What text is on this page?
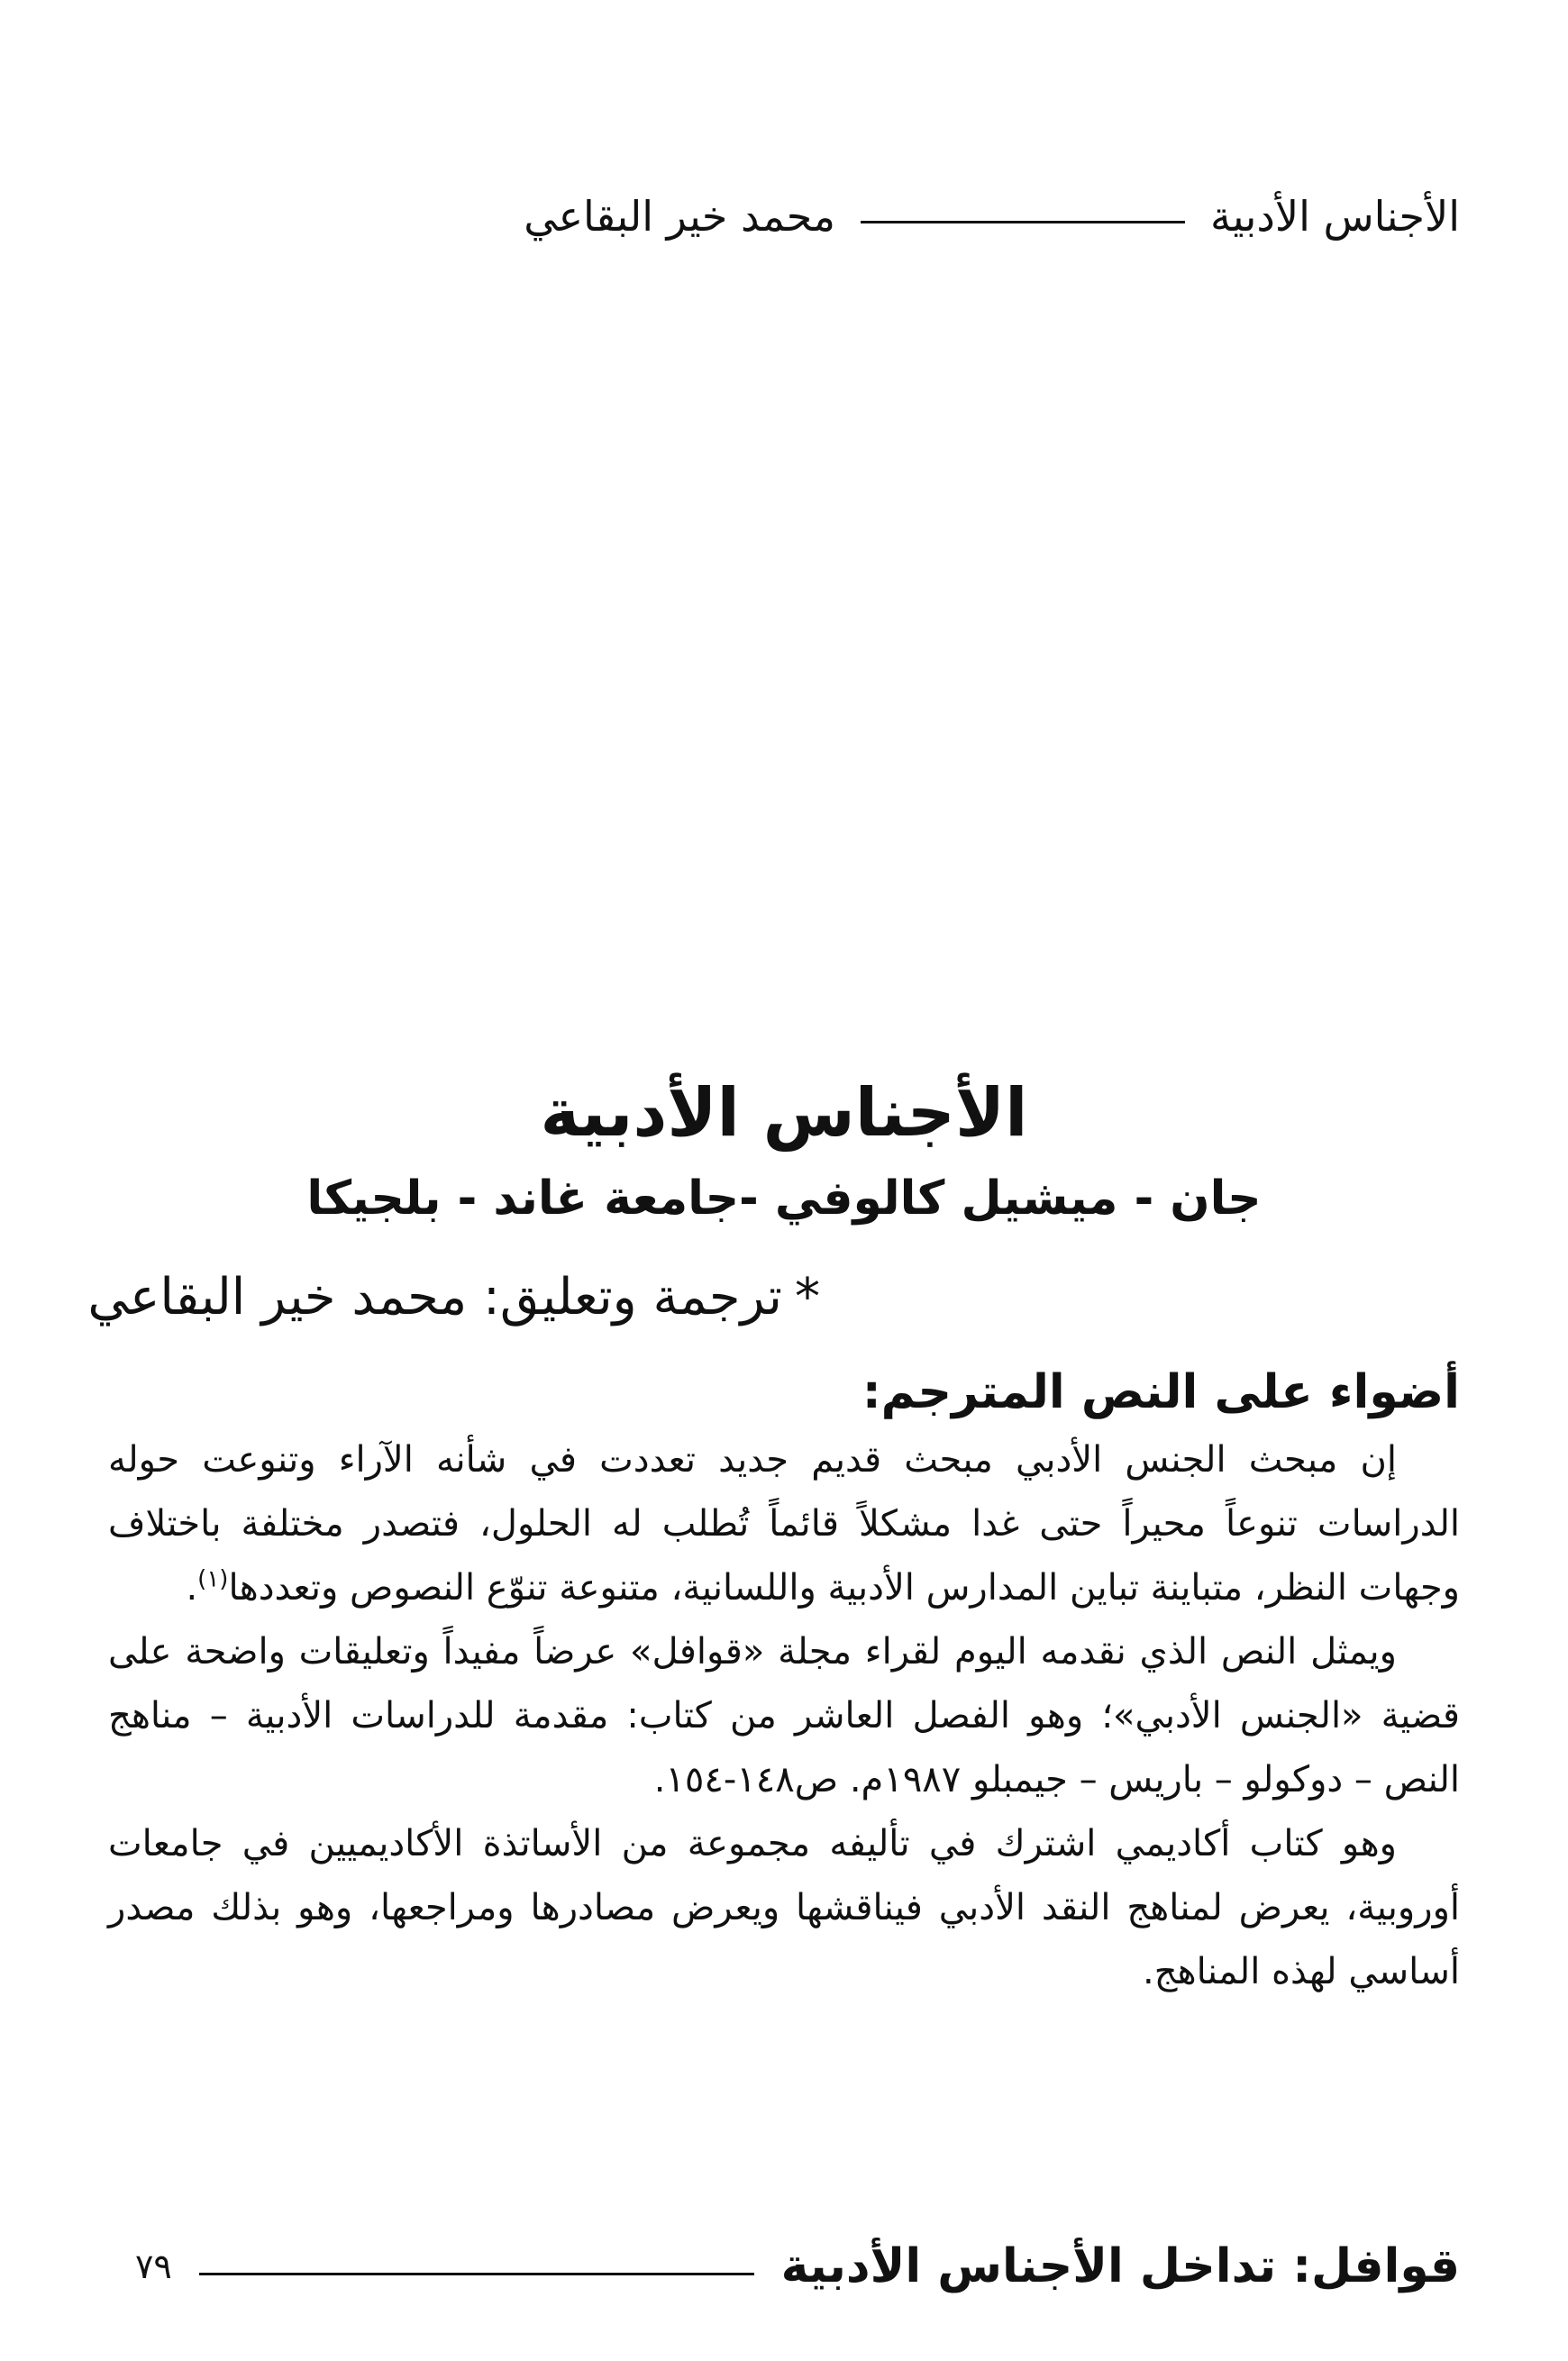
الأجناس الأدبية
محمد خير البقاعي
الأجناس الأدبية
جان - ميشيل كالوفي -جامعة غاند - بلجيكا
*ترجمة وتعليق: محمد خير البقاعي
أضواء على النص المترجم:

إن مبحث الجنس الأدبي مبحث قديم جديد تعددت في شأنه الآراء وتنوعت حوله الدراسات تنوعاً محيراً حتى غدا مشكلاً قائماً تُطلب له الحلول، فتصدر مختلفة باختلاف وجهات النظر، متباينة تباين المدارس الأدبية واللسانية، متنوعة تنوّع النصوص وتعددها$^{(١)}$.

ويمثل النص الذي نقدمه اليوم لقراء مجلة «قوافل» عرضاً مفيداً وتعليقات واضحة على قضية «الجنس الأدبي»؛ وهو الفصل العاشر من كتاب: مقدمة للدراسات الأدبية – مناهج النص – دوكولو – باريس – جيمبلو ١٩٨٧م. ص١٤٨-١٥٤.

وهو كتاب أكاديمي اشترك في تأليفه مجموعة من الأساتذة الأكاديميين في جامعات أوروبية، يعرض لمناهج النقد الأدبي فيناقشها ويعرض مصادرها ومراجعها، وهو بذلك مصدر أساسي لهذه المناهج.

قوافل: تداخل الأجناس الأدبية
٧٩
